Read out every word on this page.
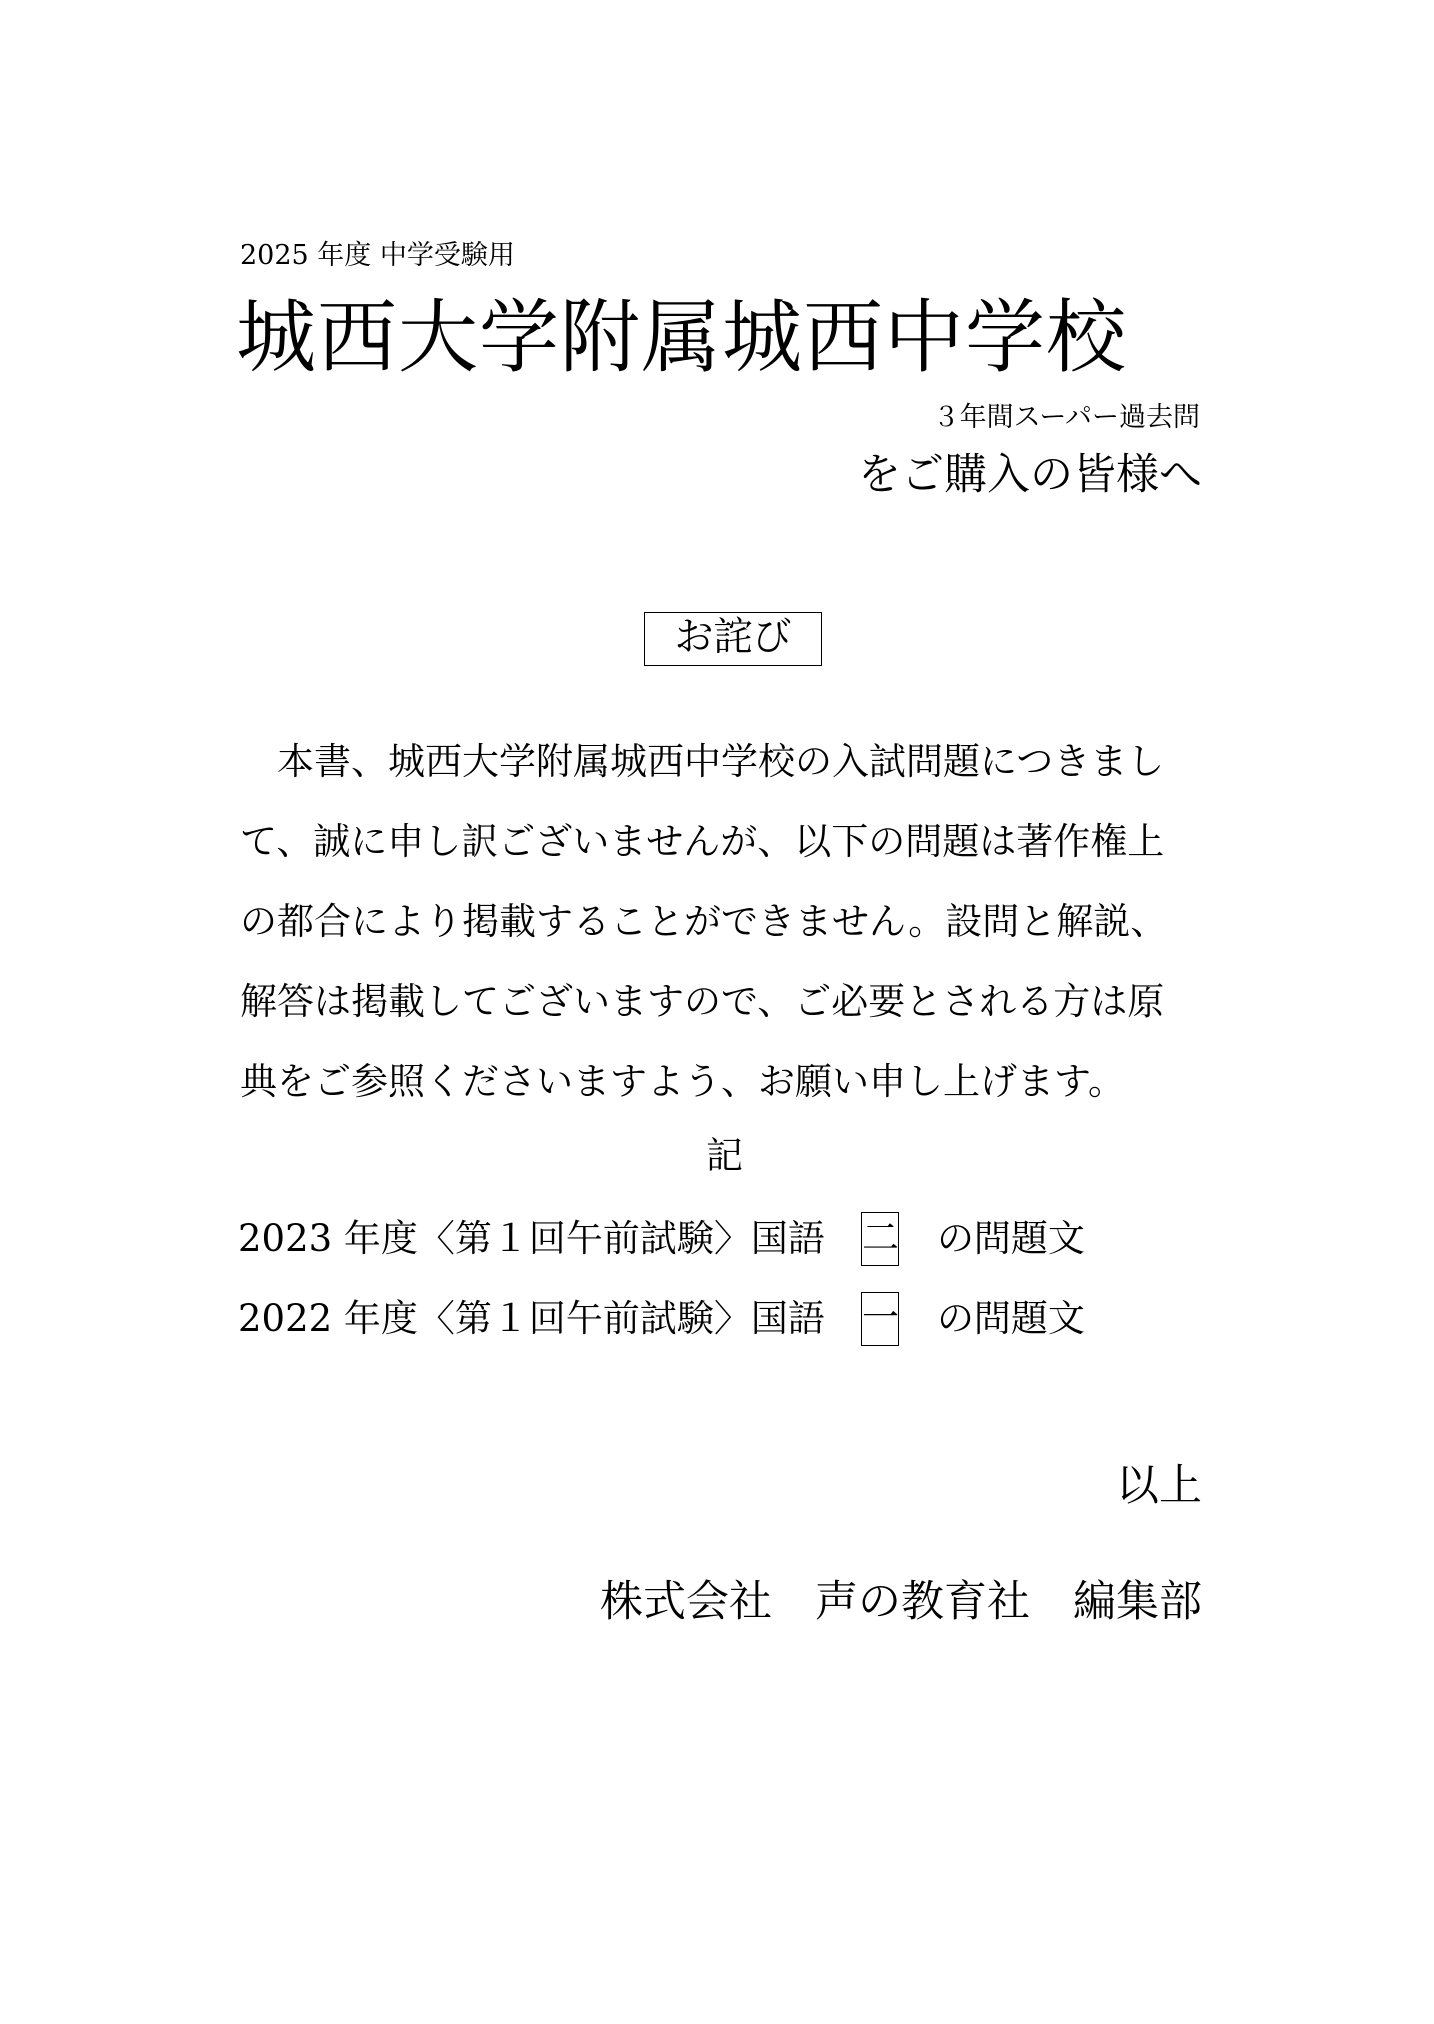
2025 年度 中学受験用
城西大学附属城西中学校
３年間スーパー過去問
をご購入の皆様へ
お詫び
　本書、城西大学附属城西中学校の入試問題につきまし
て、誠に申し訳ございませんが、以下の問題は著作権上
の都合により掲載することができません。設問と解説、
解答は掲載してございますので、ご必要とされる方は原
典をご参照くださいますよう、お願い申し上げます。
記
2023 年度〈第１回午前試験〉国語 二 の問題文
2022 年度〈第１回午前試験〉国語 一 の問題文
以上
株式会社　声の教育社　編集部
